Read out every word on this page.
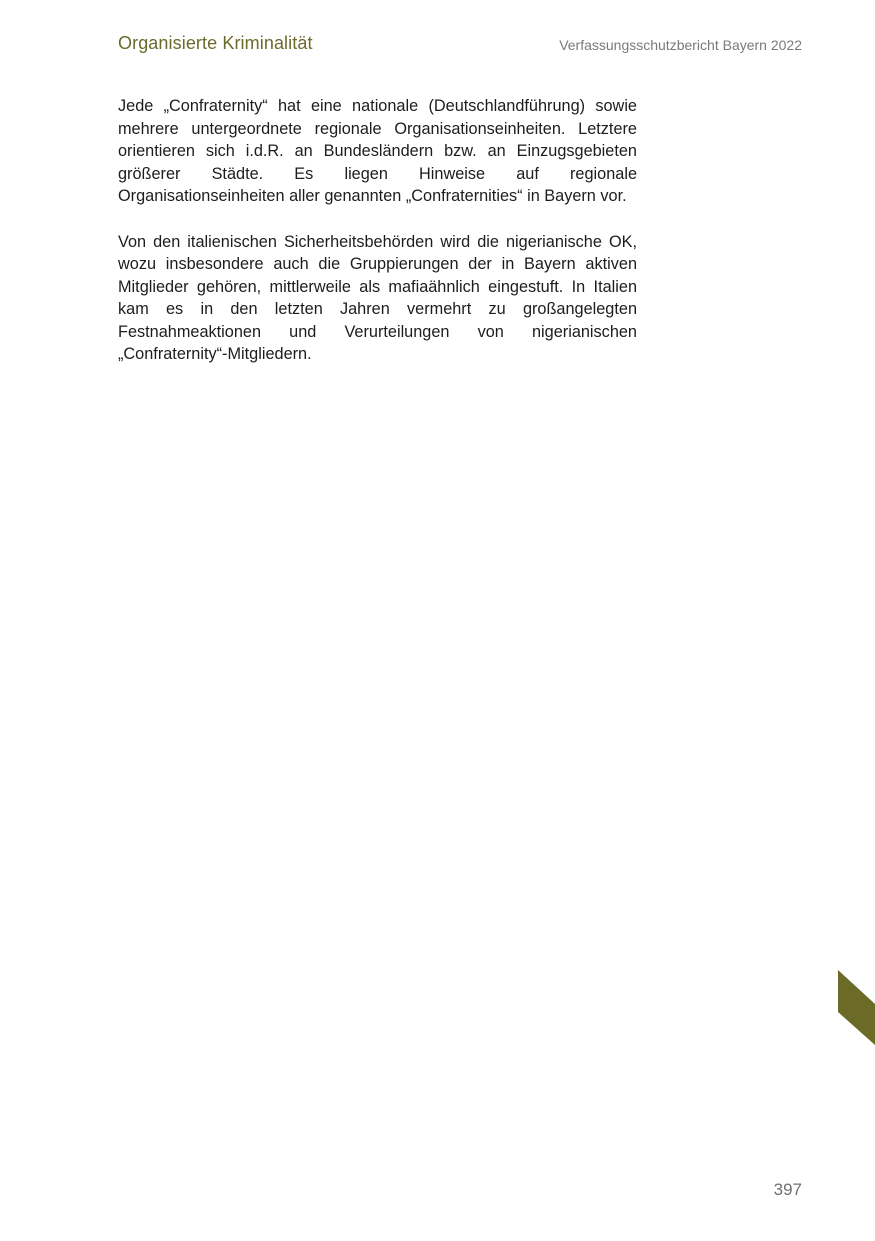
Organisierte Kriminalität	Verfassungsschutzbericht Bayern 2022

Jede „Confraternity“ hat eine nationale (Deutschlandführung) sowie mehrere untergeordnete regionale Organisationseinheiten. Letztere orientieren sich i.d.R. an Bundesländern bzw. an Einzugsgebieten größerer Städte. Es liegen Hinweise auf regionale Organisationseinheiten aller genannten „Confraternities“ in Bayern vor.

Von den italienischen Sicherheitsbehörden wird die nigerianische OK, wozu insbesondere auch die Gruppierungen der in Bayern aktiven Mitglieder gehören, mittlerweile als mafiaähnlich eingestuft. In Italien kam es in den letzten Jahren vermehrt zu großangelegten Festnahmeaktionen und Verurteilungen von nigerianischen „Confraternity“-Mitgliedern.

397
